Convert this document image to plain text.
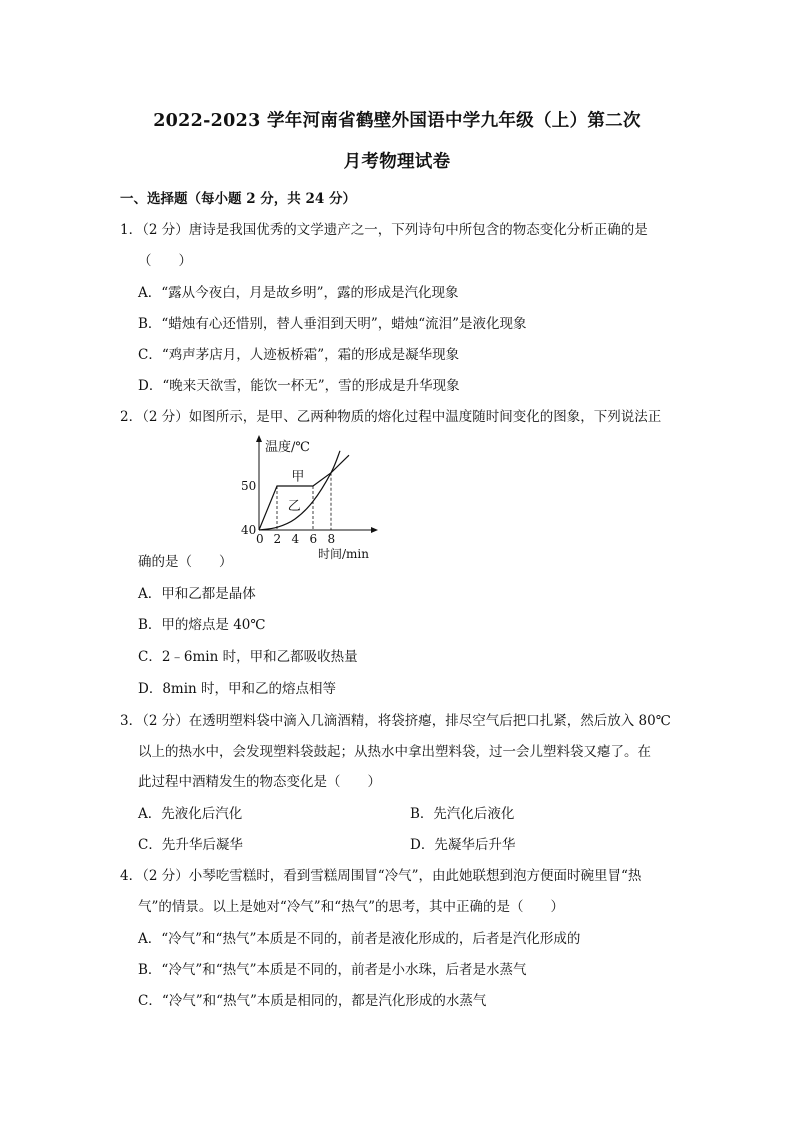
2022-2023 学年河南省鹤壁外国语中学九年级（上）第二次
月考物理试卷
一、选择题（每小题 2 分，共 24 分）
1．（2 分）唐诗是我国优秀的文学遗产之一，下列诗句中所包含的物态变化分析正确的是
（　　）
A．“露从今夜白，月是故乡明”，露的形成是汽化现象
B．“蜡烛有心还惜别，替人垂泪到天明”，蜡烛“流泪”是液化现象
C．“鸡声茅店月，人迹板桥霜”，霜的形成是凝华现象
D．“晚来天欲雪，能饮一杯无”，雪的形成是升华现象
2．（2 分）如图所示，是甲、乙两种物质的熔化过程中温度随时间变化的图象，下列说法正
温度/℃
时间/min
0 2 4 6 8
40
50
甲
乙
确的是（　　）
A．甲和乙都是晶体
B．甲的熔点是 40℃
C．2﹣6min 时，甲和乙都吸收热量
D．8min 时，甲和乙的熔点相等
3．（2 分）在透明塑料袋中滴入几滴酒精，将袋挤瘪，排尽空气后把口扎紧，然后放入 80℃
以上的热水中，会发现塑料袋鼓起；从热水中拿出塑料袋，过一会儿塑料袋又瘪了。在
此过程中酒精发生的物态变化是（　　）
A．先液化后汽化	B．先汽化后液化
C．先升华后凝华	D．先凝华后升华
4．（2 分）小琴吃雪糕时，看到雪糕周围冒“冷气”，由此她联想到泡方便面时碗里冒“热
气”的情景。以上是她对“冷气”和“热气”的思考，其中正确的是（　　）
A．“冷气”和“热气”本质是不同的，前者是液化形成的，后者是汽化形成的
B．“冷气”和“热气”本质是不同的，前者是小水珠，后者是水蒸气
C．“冷气”和“热气”本质是相同的，都是汽化形成的水蒸气
